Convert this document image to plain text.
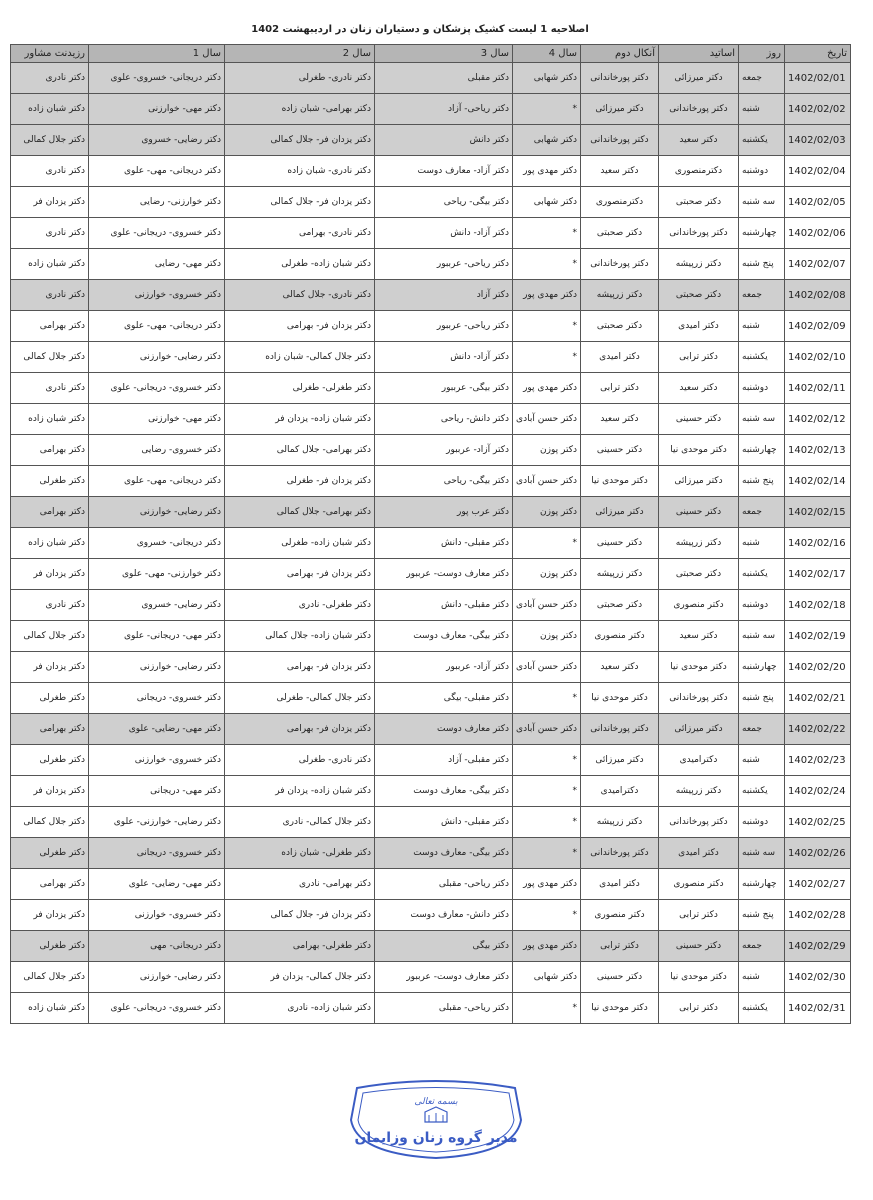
اصلاحیه 1 لیست کشیک پزشکان و دستیاران زنان در اردیبهشت 1402
تاریخ	روز	اساتید	آنکال دوم	سال 4	سال 3	سال 2	سال 1	رزیدنت مشاور
1402/02/01	جمعه	دکتر میرزائی	دکتر پورخاندانی	دکتر شهابی	دکتر مقبلی	دکتر نادری- طغرلی	دکتر دریجانی- خسروی- علوی	دکتر نادری
1402/02/02	شنبه	دکتر پورخاندانی	دکتر میرزائی	*	دکتر ریاحی- آزاد	دکتر بهرامی- شبان زاده	دکتر مهی- خوارزنی	دکتر شبان زاده
1402/02/03	یکشنبه	دکتر سعید	دکتر پورخاندانی	دکتر شهابی	دکتر دانش	دکتر یزدان فر- جلال کمالی	دکتر رضایی- خسروی	دکتر جلال کمالی
1402/02/04	دوشنبه	دکترمنصوری	دکتر سعید	دکتر مهدی پور	دکتر آزاد- معارف دوست	دکتر نادری- شبان زاده	دکتر دریجانی- مهی- علوی	دکتر نادری
1402/02/05	سه شنبه	دکتر صحبتی	دکترمنصوری	دکتر شهابی	دکتر بیگی- ریاحی	دکتر یزدان فر- جلال کمالی	دکتر خوارزنی- رضایی	دکتر یزدان فر
1402/02/06	چهارشنبه	دکتر پورخاندانی	دکتر صحبتی	*	دکتر آزاد- دانش	دکتر نادری- بهرامی	دکتر خسروی- دریجانی- علوی	دکتر نادری
1402/02/07	پنج شنبه	دکتر زرپیشه	دکتر پورخاندانی	*	دکتر ریاحی- عرببور	دکتر شبان زاده- طغرلی	دکتر مهی- رضایی	دکتر شبان زاده
1402/02/08	جمعه	دکتر صحبتی	دکتر زرپیشه	دکتر مهدی پور	دکتر آزاد	دکتر نادری- جلال کمالی	دکتر خسروی- خوارزنی	دکتر نادری
1402/02/09	شنبه	دکتر امیدی	دکتر صحبتی	*	دکتر ریاحی- عرببور	دکتر یزدان فر- بهرامی	دکتر دریجانی- مهی- علوی	دکتر بهرامی
1402/02/10	یکشنبه	دکتر ترابی	دکتر امیدی	*	دکتر آزاد- دانش	دکتر جلال کمالی- شبان زاده	دکتر رضایی- خوارزنی	دکتر جلال کمالی
1402/02/11	دوشنبه	دکتر سعید	دکتر ترابی	دکتر مهدی پور	دکتر بیگی- عرببور	دکتر طغرلی- طغرلی	دکتر خسروی- دریجانی- علوی	دکتر نادری
1402/02/12	سه شنبه	دکتر حسینی	دکتر سعید	دکتر حسن آبادی	دکتر دانش- ریاحی	دکتر شبان زاده- یزدان فر	دکتر مهی- خوارزنی	دکتر شبان زاده
1402/02/13	چهارشنبه	دکتر موحدی نیا	دکتر حسینی	دکتر پوزن	دکتر آزاد- عرببور	دکتر بهرامی- جلال کمالی	دکتر خسروی- رضایی	دکتر بهرامی
1402/02/14	پنج شنبه	دکتر میرزائی	دکتر موحدی نیا	دکتر حسن آبادی	دکتر بیگی- ریاحی	دکتر یزدان فر- طغرلی	دکتر دریجانی- مهی- علوی	دکتر طغرلی
1402/02/15	جمعه	دکتر حسینی	دکتر میرزائی	دکتر پوزن	دکتر عرب پور	دکتر بهرامی- جلال کمالی	دکتر رضایی- خوارزنی	دکتر بهرامی
1402/02/16	شنبه	دکتر زرپیشه	دکتر حسینی	*	دکتر مقبلی- دانش	دکتر شبان زاده- طغرلی	دکتر دریجانی- خسروی	دکتر شبان زاده
1402/02/17	یکشنبه	دکتر صحبتی	دکتر زرپیشه	دکتر پوزن	دکتر معارف دوست- عرببور	دکتر یزدان فر- بهرامی	دکتر خوارزنی- مهی- علوی	دکتر یزدان فر
1402/02/18	دوشنبه	دکتر منصوری	دکتر صحبتی	دکتر حسن آبادی	دکتر مقبلی- دانش	دکتر طغرلی- نادری	دکتر رضایی- خسروی	دکتر نادری
1402/02/19	سه شنبه	دکتر سعید	دکتر منصوری	دکتر پوزن	دکتر بیگی- معارف دوست	دکتر شبان زاده- جلال کمالی	دکتر مهی- دریجانی- علوی	دکتر جلال کمالی
1402/02/20	چهارشنبه	دکتر موحدی نیا	دکتر سعید	دکتر حسن آبادی	دکتر آزاد- عرببور	دکتر یزدان فر- بهرامی	دکتر رضایی- خوارزنی	دکتر یزدان فر
1402/02/21	پنج شنبه	دکتر پورخاندانی	دکتر موحدی نیا	*	دکتر مقبلی- بیگی	دکتر جلال کمالی- طغرلی	دکتر خسروی- دریجانی	دکتر طغرلی
1402/02/22	جمعه	دکتر میرزائی	دکتر پورخاندانی	دکتر حسن آبادی	دکتر معارف دوست	دکتر یزدان فر- بهرامی	دکتر مهی- رضایی- علوی	دکتر بهرامی
1402/02/23	شنبه	دکترامیدی	دکتر میرزائی	*	دکتر مقبلی- آزاد	دکتر نادری- طغرلی	دکتر خسروی- خوارزنی	دکتر طغرلی
1402/02/24	یکشنبه	دکتر زرپیشه	دکترامیدی	*	دکتر بیگی- معارف دوست	دکتر شبان زاده- یزدان فر	دکتر مهی- دریجانی	دکتر یزدان فر
1402/02/25	دوشنبه	دکتر پورخاندانی	دکتر زرپیشه	*	دکتر مقبلی- دانش	دکتر جلال کمالی- نادری	دکتر رضایی- خوارزنی- علوی	دکتر جلال کمالی
1402/02/26	سه شنبه	دکتر امیدی	دکتر پورخاندانی	*	دکتر بیگی- معارف دوست	دکتر طغرلی- شبان زاده	دکتر خسروی- دریجانی	دکتر طغرلی
1402/02/27	چهارشنبه	دکتر منصوری	دکتر امیدی	دکتر مهدی پور	دکتر ریاحی- مقبلی	دکتر بهرامی- نادری	دکتر مهی- رضایی- علوی	دکتر بهرامی
1402/02/28	پنج شنبه	دکتر ترابی	دکتر منصوری	*	دکتر دانش- معارف دوست	دکتر یزدان فر- جلال کمالی	دکتر خسروی- خوارزنی	دکتر یزدان فر
1402/02/29	جمعه	دکتر حسینی	دکتر ترابی	دکتر مهدی پور	دکتر بیگی	دکتر طغرلی- بهرامی	دکتر دریجانی- مهی	دکتر طغرلی
1402/02/30	شنبه	دکتر موحدی نیا	دکتر حسینی	دکتر شهابی	دکتر معارف دوست- عرببور	دکتر جلال کمالی- یزدان فر	دکتر رضایی- خوارزنی	دکتر جلال کمالی
1402/02/31	یکشنبه	دکتر ترابی	دکتر موحدی نیا	*	دکتر ریاحی- مقبلی	دکتر شبان زاده- نادری	دکتر خسروی- دریجانی- علوی	دکتر شبان زاده
بسمه تعالی
مدیر گروه زنان وزایمان
